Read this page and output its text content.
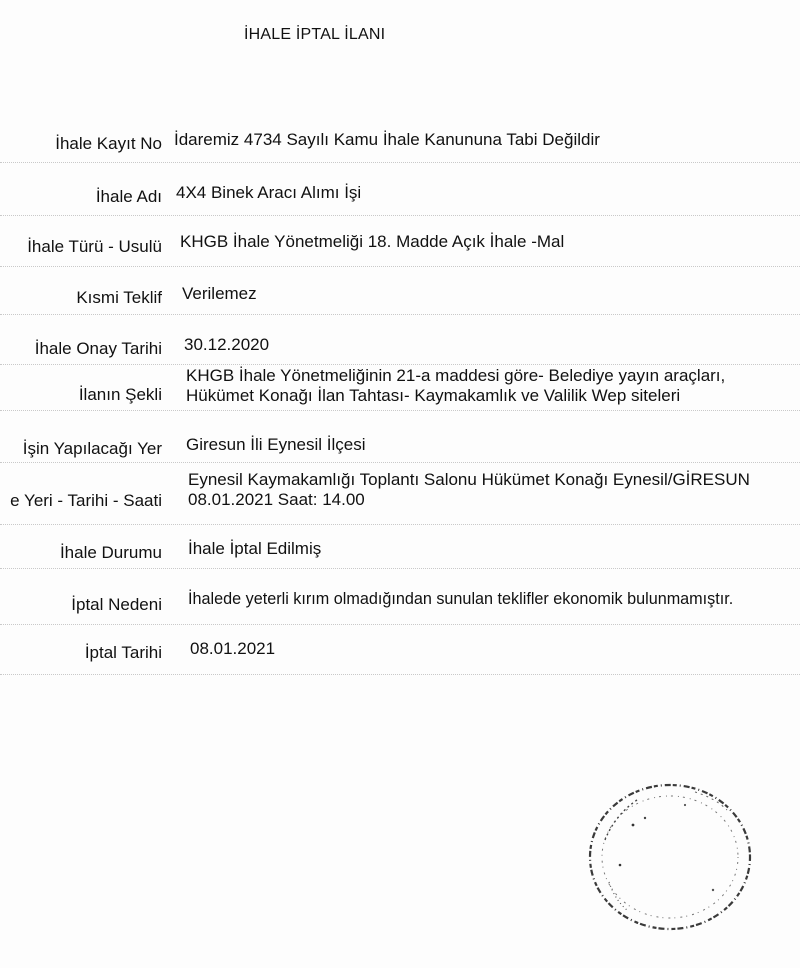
İHALE İPTAL İLANI
İhale Kayıt No İdaremiz 4734 Sayılı Kamu İhale Kanununa Tabi Değildir
İhale Adı 4X4 Binek Aracı Alımı İşi
İhale Türü - Usulü KHGB İhale Yönetmeliği 18. Madde Açık İhale -Mal
Kısmi Teklif Verilemez
İhale Onay Tarihi 30.12.2020
İlanın Şekli
KHGB İhale Yönetmeliğinin 21-a maddesi göre- Belediye yayın araçları,
Hükümet Konağı İlan Tahtası- Kaymakamlık ve Valilik Wep siteleri
İşin Yapılacağı Yer Giresun İli Eynesil İlçesi
e Yeri - Tarihi - Saati
Eynesil Kaymakamlığı Toplantı Salonu Hükümet Konağı Eynesil/GİRESUN
08.01.2021 Saat: 14.00
İhale Durumu İhale İptal Edilmiş
İptal Nedeni İhalede yeterli kırım olmadığından sunulan teklifler ekonomik bulunmamıştır.
İptal Tarihi 08.01.2021
